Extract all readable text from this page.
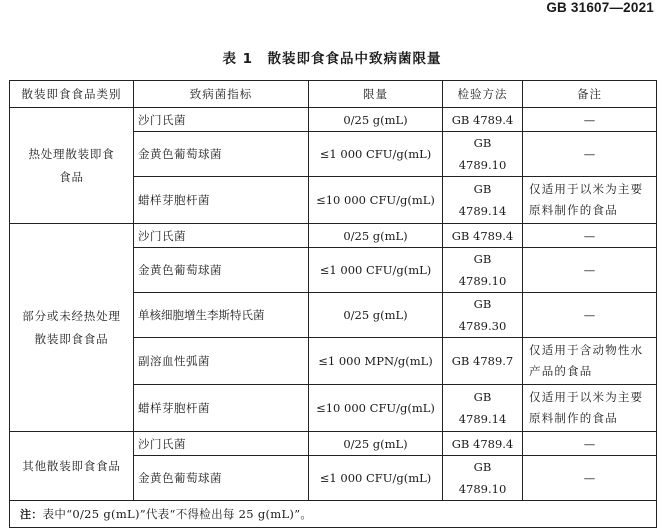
GB 31607—2021
表 1　散装即食食品中致病菌限量
散装即食食品类别	致病菌指标	限量	检验方法	备注
热处理散装即食食品	沙门氏菌	0/25 g(mL)	GB 4789.4	—
	金黄色葡萄球菌	≤1 000 CFU/g(mL)	GB 4789.10	—
	蜡样芽胞杆菌	≤10 000 CFU/g(mL)	GB 4789.14	仅适用于以米为主要原料制作的食品
部分或未经热处理散装即食食品	沙门氏菌	0/25 g(mL)	GB 4789.4	—
	金黄色葡萄球菌	≤1 000 CFU/g(mL)	GB 4789.10	—
	单核细胞增生李斯特氏菌	0/25 g(mL)	GB 4789.30	—
	副溶血性弧菌	≤1 000 MPN/g(mL)	GB 4789.7	仅适用于含动物性水产品的食品
	蜡样芽胞杆菌	≤10 000 CFU/g(mL)	GB 4789.14	仅适用于以米为主要原料制作的食品
其他散装即食食品	沙门氏菌	0/25 g(mL)	GB 4789.4	—
	金黄色葡萄球菌	≤1 000 CFU/g(mL)	GB 4789.10	—
注：表中“0/25 g(mL)”代表“不得检出每 25 g(mL)”。				
